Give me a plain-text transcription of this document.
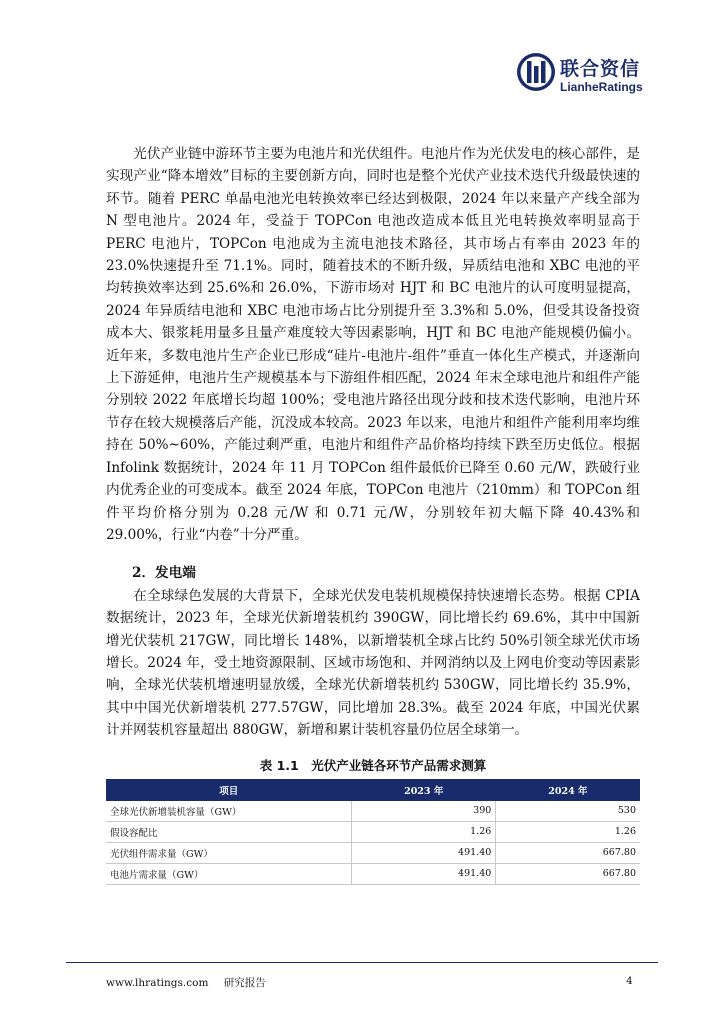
联合资信
LianheRatings

光伏产业链中游环节主要为电池片和光伏组件。电池片作为光伏发电的核心部件，是实现产业“降本增效”目标的主要创新方向，同时也是整个光伏产业技术迭代升级最快速的环节。随着 PERC 单晶电池光电转换效率已经达到极限，2024 年以来量产产线全部为 N 型电池片。2024 年，受益于 TOPCon 电池改造成本低且光电转换效率明显高于 PERC 电池片，TOPCon 电池成为主流电池技术路径，其市场占有率由 2023 年的 23.0%快速提升至 71.1%。同时，随着技术的不断升级，异质结电池和 XBC 电池的平均转换效率达到 25.6%和 26.0%，下游市场对 HJT 和 BC 电池片的认可度明显提高，2024 年异质结电池和 XBC 电池市场占比分别提升至 3.3%和 5.0%，但受其设备投资成本大、银浆耗用量多且量产难度较大等因素影响，HJT 和 BC 电池产能规模仍偏小。近年来，多数电池片生产企业已形成“硅片-电池片-组件”垂直一体化生产模式，并逐渐向上下游延伸，电池片生产规模基本与下游组件相匹配，2024 年末全球电池片和组件产能分别较 2022 年底增长均超 100%；受电池片路径出现分歧和技术迭代影响，电池片环节存在较大规模落后产能，沉没成本较高。2023 年以来，电池片和组件产能利用率均维持在 50%~60%，产能过剩严重，电池片和组件产品价格均持续下跌至历史低位。根据 Infolink 数据统计，2024 年 11 月 TOPCon 组件最低价已降至 0.60 元/W，跌破行业内优秀企业的可变成本。截至 2024 年底，TOPCon 电池片（210mm）和 TOPCon 组件平均价格分别为 0.28 元/W 和 0.71 元/W，分别较年初大幅下降 40.43%和 29.00%，行业“内卷”十分严重。

2．发电端

在全球绿色发展的大背景下，全球光伏发电装机规模保持快速增长态势。根据 CPIA 数据统计，2023 年，全球光伏新增装机约 390GW，同比增长约 69.6%，其中中国新增光伏装机 217GW，同比增长 148%，以新增装机全球占比约 50%引领全球光伏市场增长。2024 年，受土地资源限制、区域市场饱和、并网消纳以及上网电价变动等因素影响，全球光伏装机增速明显放缓，全球光伏新增装机约 530GW，同比增长约 35.9%，其中中国光伏新增装机 277.57GW，同比增加 28.3%。截至 2024 年底，中国光伏累计并网装机容量超出 880GW，新增和累计装机容量仍位居全球第一。

表 1.1　光伏产业链各环节产品需求测算
项目	2023 年	2024 年
全球光伏新增装机容量（GW）	390	530
假设容配比	1.26	1.26
光伏组件需求量（GW）	491.40	667.80
电池片需求量（GW）	491.40	667.80
www.lhratings.com 研究报告	4
